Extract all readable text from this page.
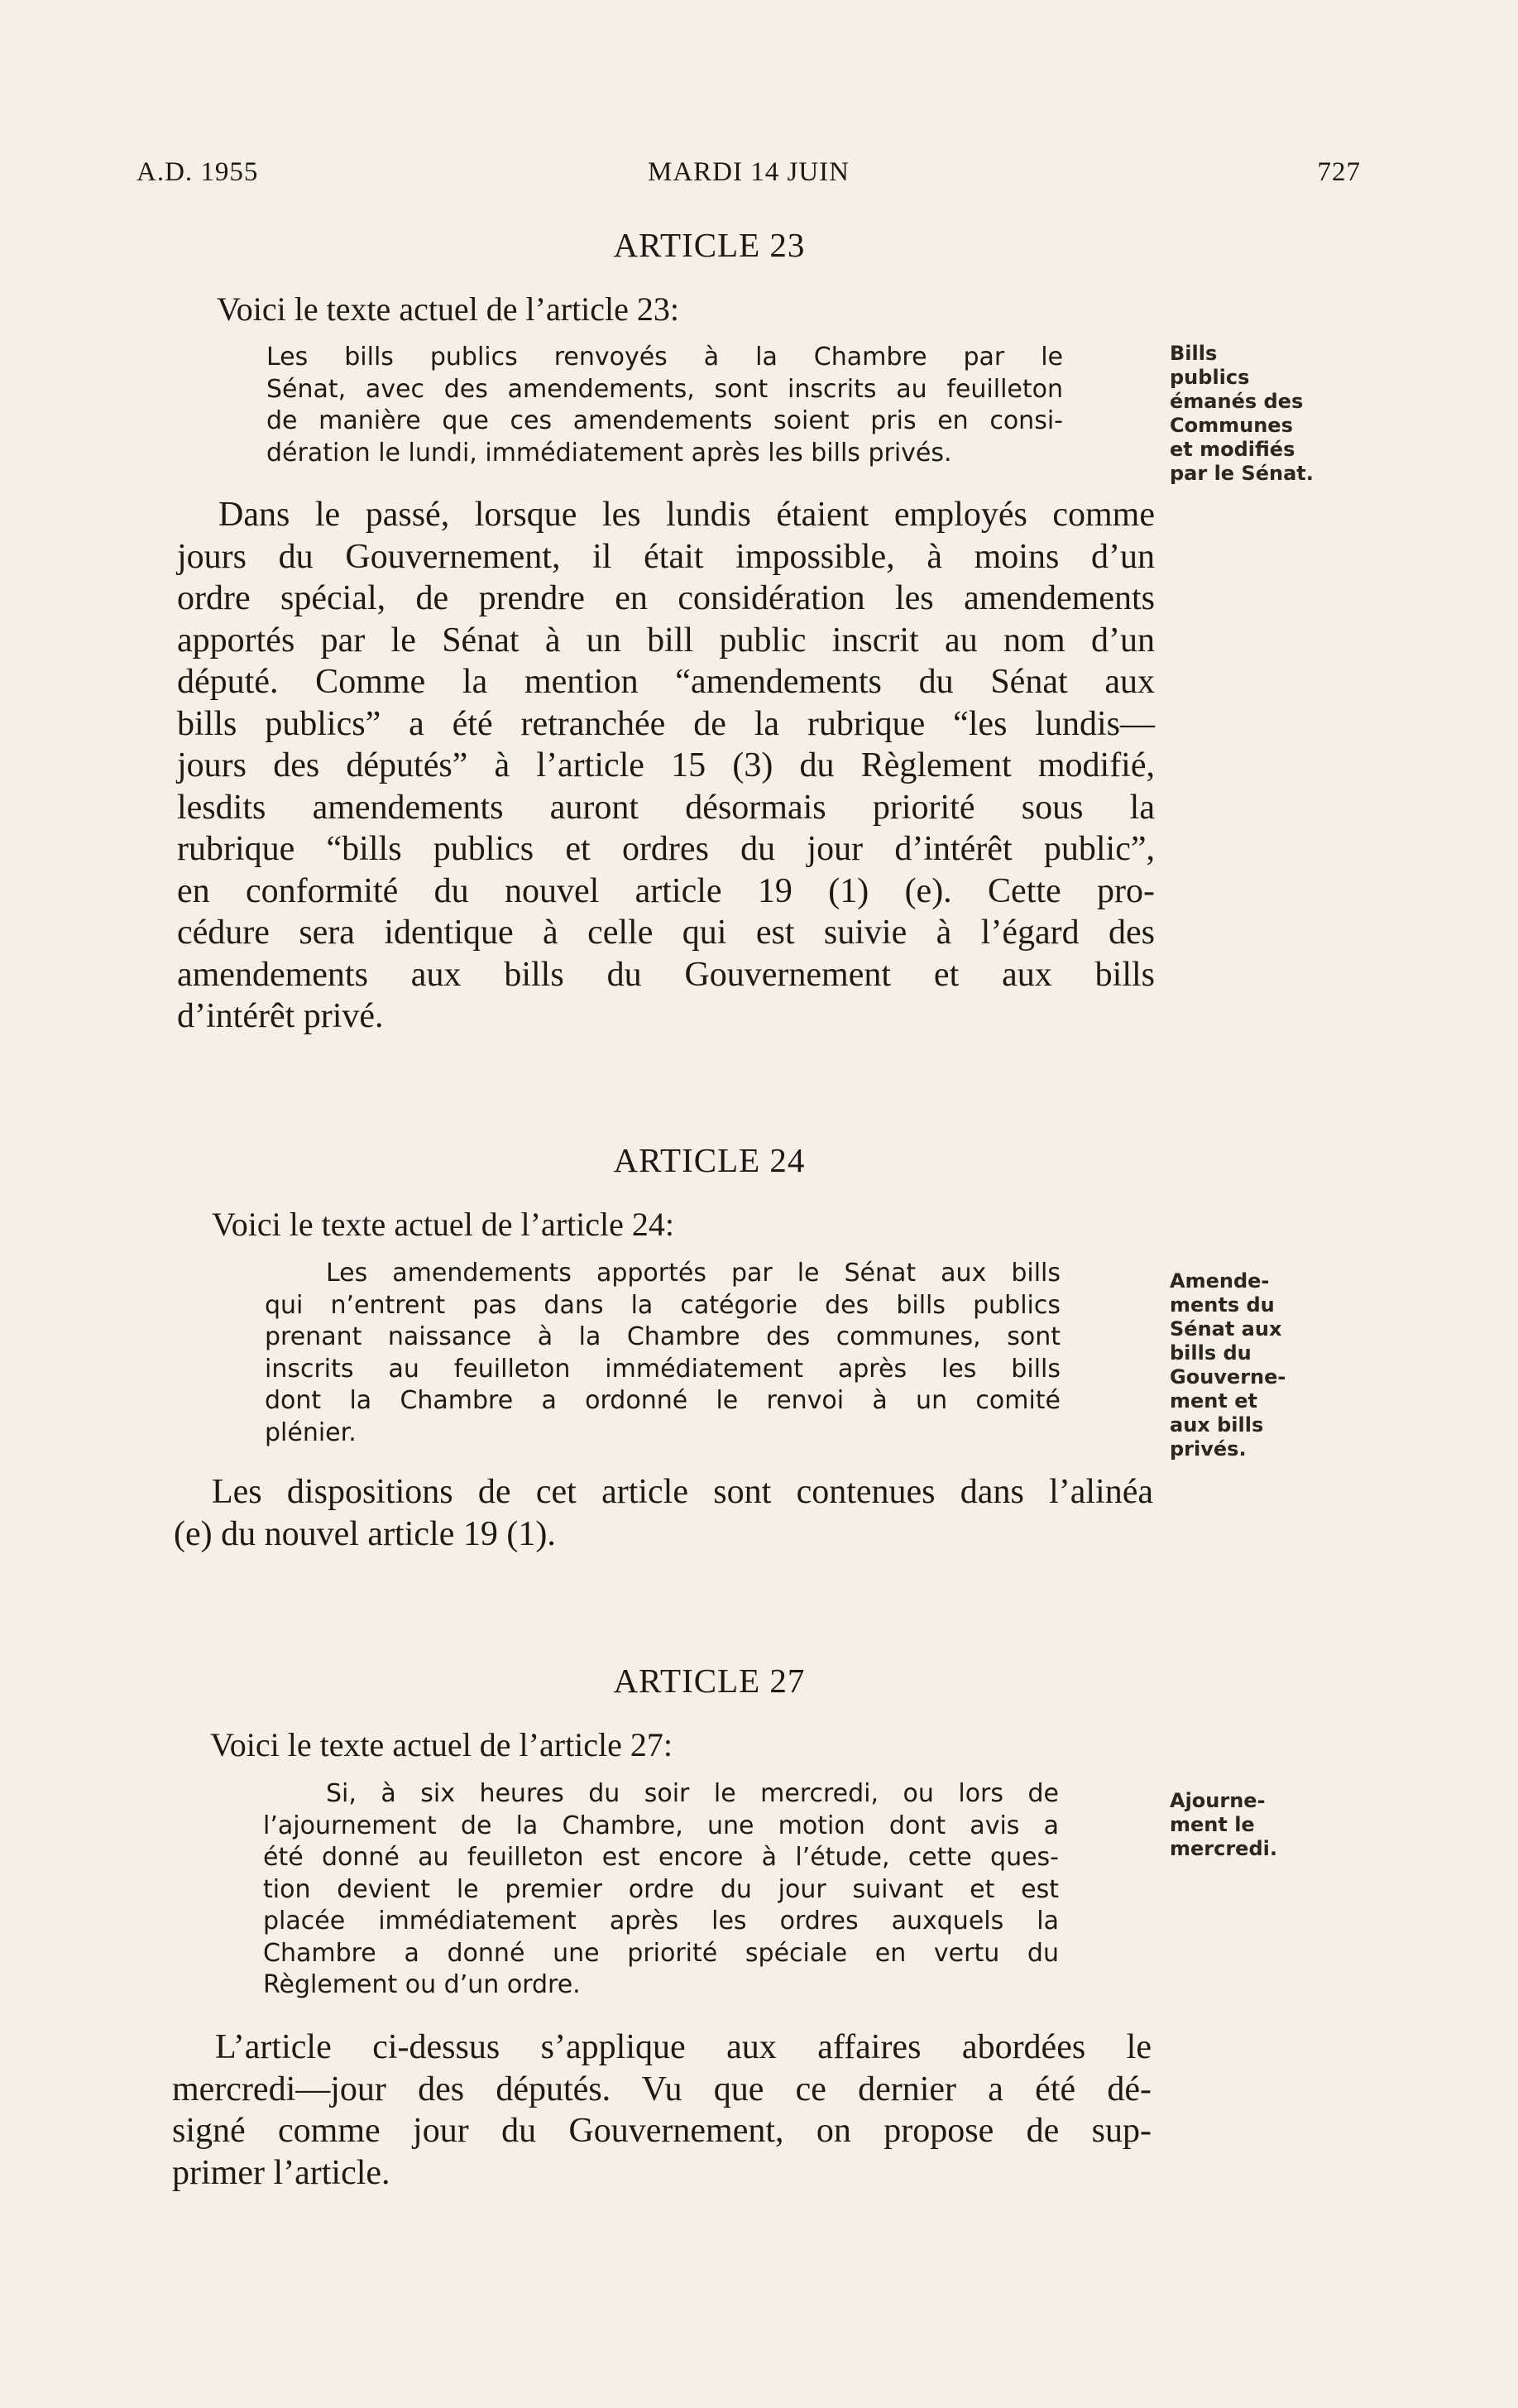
A.D. 1955	MARDI 14 JUIN	727
ARTICLE 23
Voici le texte actuel de l’article 23:
Les bills publics renvoyés à la Chambre par le
Sénat, avec des amendements, sont inscrits au feuilleton
de manière que ces amendements soient pris en consi-
dération le lundi, immédiatement après les bills privés.
Bills
publics
émanés des
Communes
et modifiés
par le Sénat.
Dans le passé, lorsque les lundis étaient employés comme
jours du Gouvernement, il était impossible, à moins d’un
ordre spécial, de prendre en considération les amendements
apportés par le Sénat à un bill public inscrit au nom d’un
député. Comme la mention “amendements du Sénat aux
bills publics” a été retranchée de la rubrique “les lundis—
jours des députés” à l’article 15 (3) du Règlement modifié,
lesdits amendements auront désormais priorité sous la
rubrique “bills publics et ordres du jour d’intérêt public”,
en conformité du nouvel article 19 (1) (e). Cette pro-
cédure sera identique à celle qui est suivie à l’égard des
amendements aux bills du Gouvernement et aux bills
d’intérêt privé.
ARTICLE 24
Voici le texte actuel de l’article 24:
Les amendements apportés par le Sénat aux bills
qui n’entrent pas dans la catégorie des bills publics
prenant naissance à la Chambre des communes, sont
inscrits au feuilleton immédiatement après les bills
dont la Chambre a ordonné le renvoi à un comité
plénier.
Amende-
ments du
Sénat aux
bills du
Gouverne-
ment et
aux bills
privés.
Les dispositions de cet article sont contenues dans l’alinéa
(e) du nouvel article 19 (1).
ARTICLE 27
Voici le texte actuel de l’article 27:
Si, à six heures du soir le mercredi, ou lors de
l’ajournement de la Chambre, une motion dont avis a
été donné au feuilleton est encore à l’étude, cette ques-
tion devient le premier ordre du jour suivant et est
placée immédiatement après les ordres auxquels la
Chambre a donné une priorité spéciale en vertu du
Règlement ou d’un ordre.
Ajourne-
ment le
mercredi.
L’article ci-dessus s’applique aux affaires abordées le
mercredi—jour des députés. Vu que ce dernier a été dé-
signé comme jour du Gouvernement, on propose de sup-
primer l’article.
